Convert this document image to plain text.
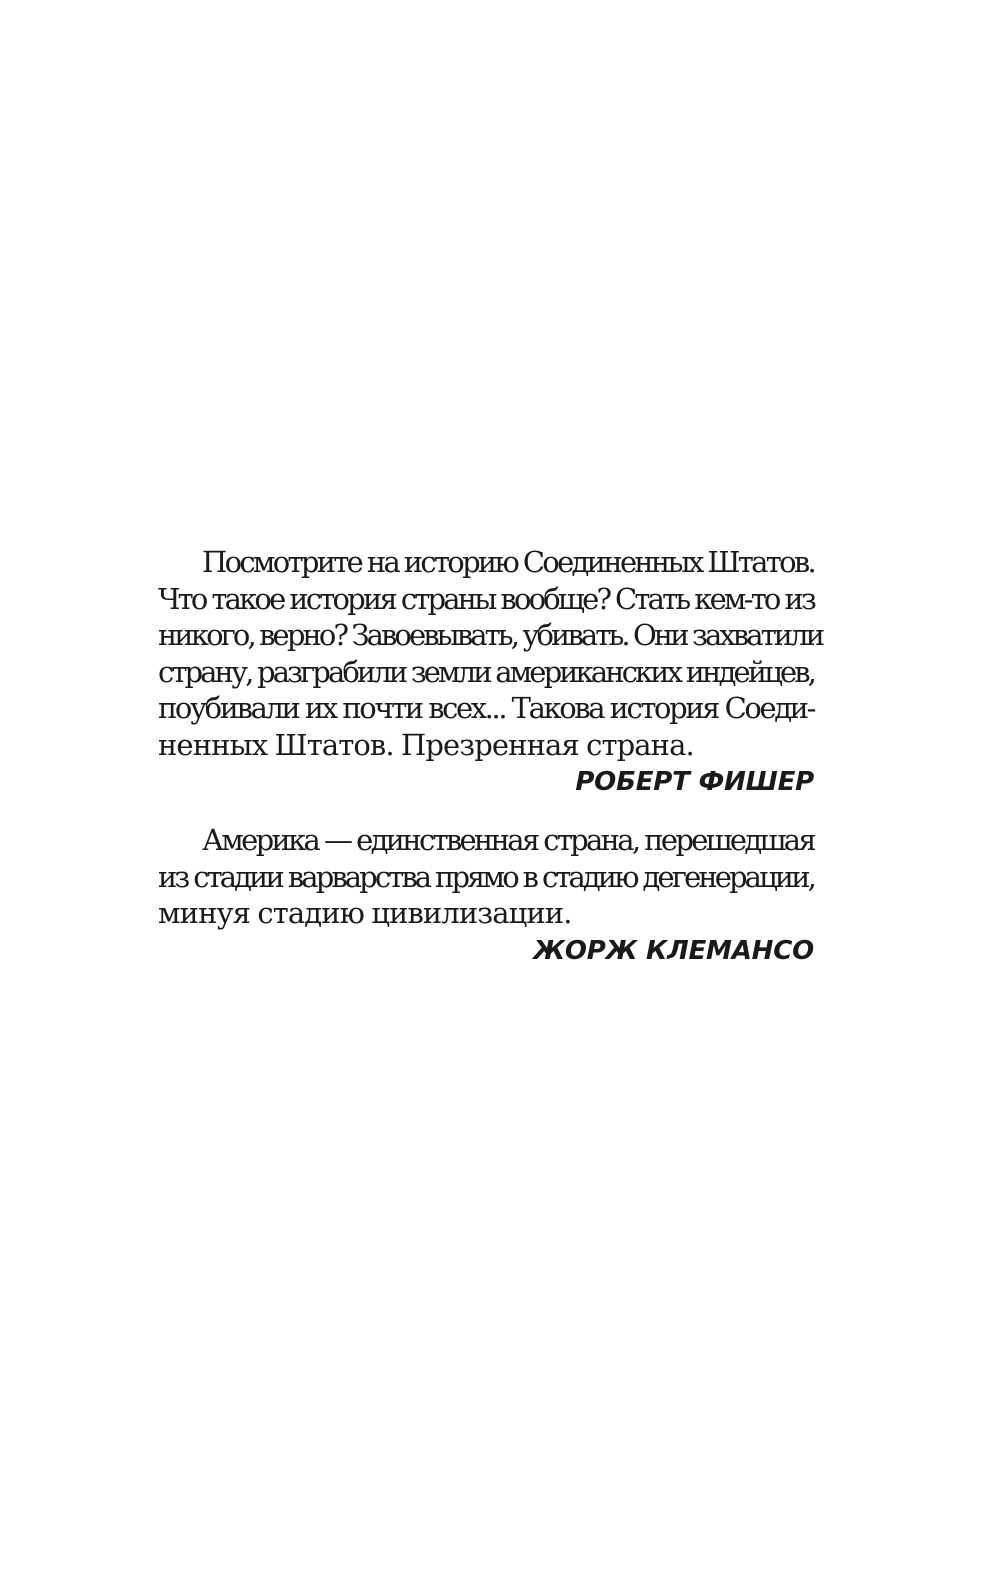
Посмотрите на историю Соединенных Штатов.
Что такое история страны вообще? Стать кем-то из
никого, верно? Завоевывать, убивать. Они захватили
страну, разграбили земли американских индейцев,
поубивали их почти всех... Такова история Соеди-
ненных Штатов. Презренная страна.

РОБЕРТ ФИШЕР

Америка — единственная страна, перешедшая
из стадии варварства прямо в стадию дегенерации,
минуя стадию цивилизации.

ЖОРЖ КЛЕМАНСО
